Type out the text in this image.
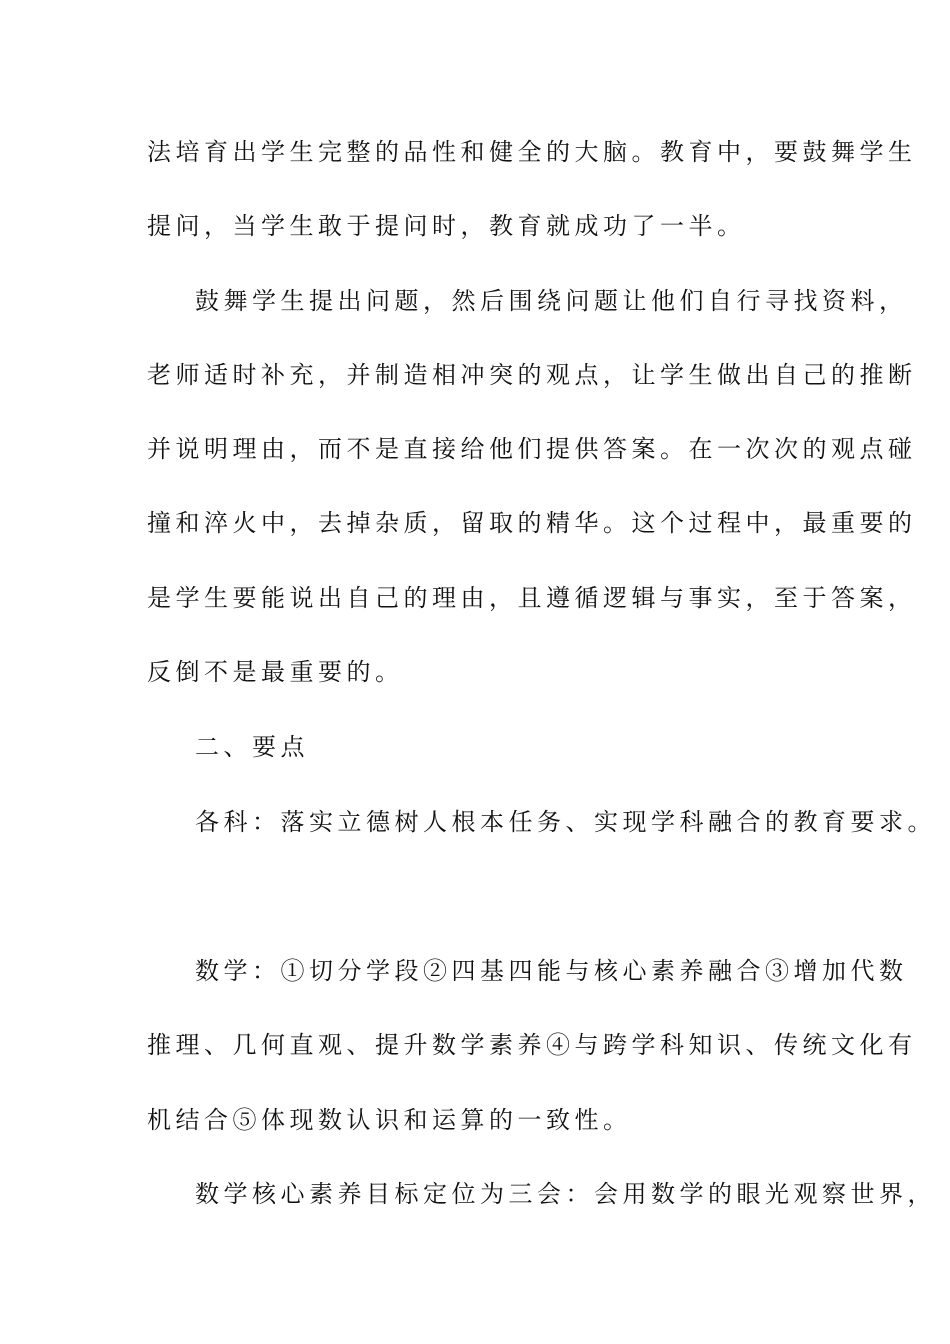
法培育出学生完整的品性和健全的大脑。教育中，要鼓舞学生
提问，当学生敢于提问时，教育就成功了一半。
鼓舞学生提出问题，然后围绕问题让他们自行寻找资料，
老师适时补充，并制造相冲突的观点，让学生做出自己的推断
并说明理由，而不是直接给他们提供答案。在一次次的观点碰
撞和淬火中，去掉杂质，留取的精华。这个过程中，最重要的
是学生要能说出自己的理由，且遵循逻辑与事实，至于答案，
反倒不是最重要的。
二、要点
各科：落实立德树人根本任务、实现学科融合的教育要求。
数学：①切分学段②四基四能与核心素养融合③增加代数
推理、几何直观、提升数学素养④与跨学科知识、传统文化有
机结合⑤体现数认识和运算的一致性。
数学核心素养目标定位为三会：会用数学的眼光观察世界，
